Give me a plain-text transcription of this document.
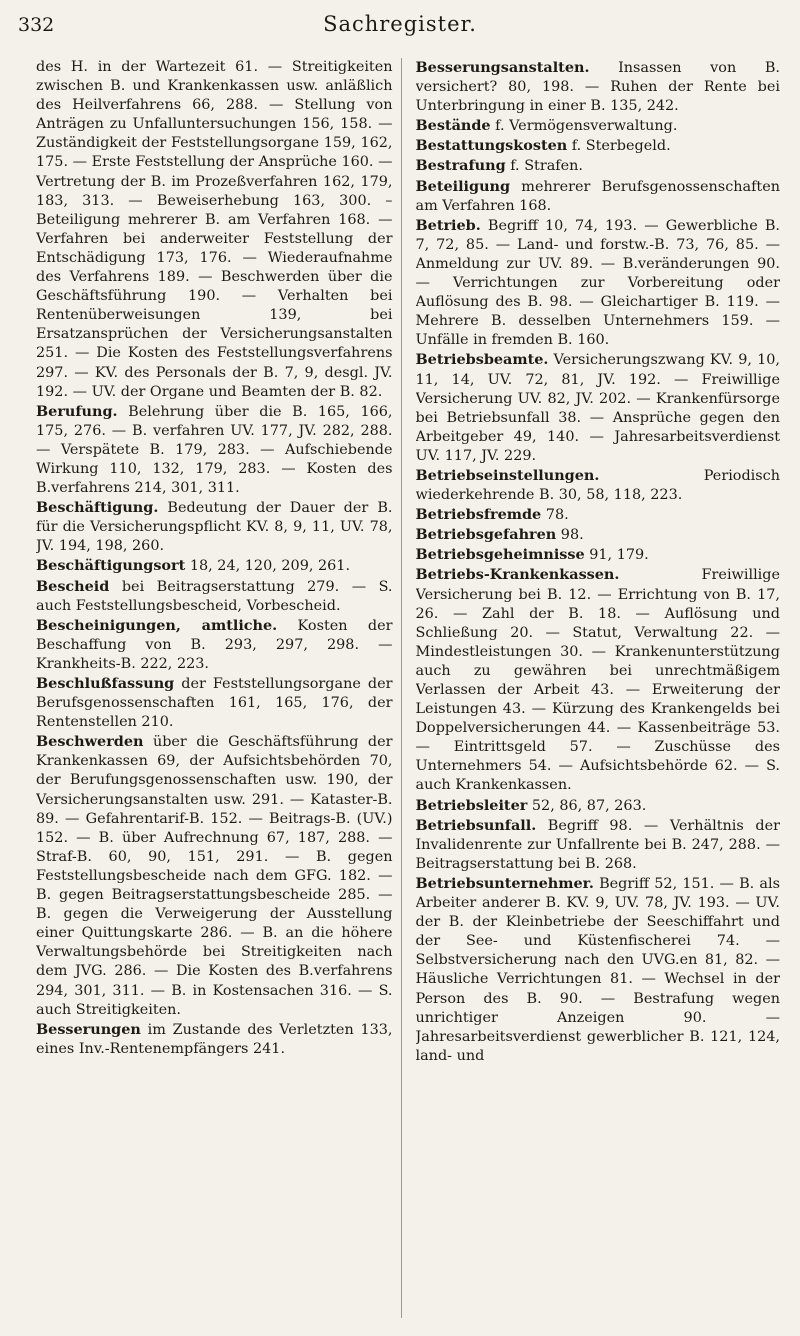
332	Sachregister.

des H. in der Wartezeit 61. — Streitigkeiten zwischen B. und Krankenkassen usw. anläßlich des Heilverfahrens 66, 288. — Stellung von Anträgen zu Unfalluntersuchungen 156, 158. — Zuständigkeit der Feststellungsorgane 159, 162, 175. — Erste Feststellung der Ansprüche 160. — Vertretung der B. im Prozeßverfahren 162, 179, 183, 313. — Beweiserhebung 163, 300. – Beteiligung mehrerer B. am Verfahren 168. — Verfahren bei anderweiter Feststellung der Entschädigung 173, 176. — Wiederaufnahme des Verfahrens 189. — Beschwerden über die Geschäftsführung 190. — Verhalten bei Rentenüberweisungen 139, bei Ersatzansprüchen der Versicherungsanstalten 251. — Die Kosten des Feststellungsverfahrens 297. — KV. des Personals der B. 7, 9, desgl. JV. 192. — UV. der Organe und Beamten der B. 82.

Berufung. Belehrung über die B. 165, 166, 175, 276. — B. verfahren UV. 177, JV. 282, 288. — Verspätete B. 179, 283. — Aufschiebende Wirkung 110, 132, 179, 283. — Kosten des B.verfahrens 214, 301, 311.

Beschäftigung. Bedeutung der Dauer der B. für die Versicherungspflicht KV. 8, 9, 11, UV. 78, JV. 194, 198, 260.

Beschäftigungsort 18, 24, 120, 209, 261.

Bescheid bei Beitragserstattung 279. — S. auch Feststellungsbescheid, Vorbescheid.

Bescheinigungen, amtliche. Kosten der Beschaffung von B. 293, 297, 298. — Krankheits-B. 222, 223.

Beschlußfassung der Feststellungsorgane der Berufsgenossenschaften 161, 165, 176, der Rentenstellen 210.

Beschwerden über die Geschäftsführung der Krankenkassen 69, der Aufsichtsbehörden 70, der Berufungsgenossenschaften usw. 190, der Versicherungsanstalten usw. 291. — Kataster-B. 89. — Gefahrentarif-B. 152. — Beitrags-B. (UV.) 152. — B. über Aufrechnung 67, 187, 288. — Straf-B. 60, 90, 151, 291. — B. gegen Feststellungsbescheide nach dem GFG. 182. — B. gegen Beitragserstattungsbescheide 285. — B. gegen die Verweigerung der Ausstellung einer Quittungskarte 286. — B. an die höhere Verwaltungsbehörde bei Streitigkeiten nach dem JVG. 286. — Die Kosten des B.verfahrens 294, 301, 311. — B. in Kostensachen 316. — S. auch Streitigkeiten.

Besserungen im Zustande des Verletzten 133, eines Inv.-Rentenempfängers 241.

Besserungsanstalten. Insassen von B. versichert? 80, 198. — Ruhen der Rente bei Unterbringung in einer B. 135, 242.

Bestände f. Vermögensverwaltung.

Bestattungskosten f. Sterbegeld.

Bestrafung f. Strafen.

Beteiligung mehrerer Berufsgenossenschaften am Verfahren 168.

Betrieb. Begriff 10, 74, 193. — Gewerbliche B. 7, 72, 85. — Land- und forstw.-B. 73, 76, 85. — Anmeldung zur UV. 89. — B.veränderungen 90. — Verrichtungen zur Vorbereitung oder Auflösung des B. 98. — Gleichartiger B. 119. — Mehrere B. desselben Unternehmers 159. — Unfälle in fremden B. 160.

Betriebsbeamte. Versicherungszwang KV. 9, 10, 11, 14, UV. 72, 81, JV. 192. — Freiwillige Versicherung UV. 82, JV. 202. — Krankenfürsorge bei Betriebsunfall 38. — Ansprüche gegen den Arbeitgeber 49, 140. — Jahresarbeitsverdienst UV. 117, JV. 229.

Betriebseinstellungen. Periodisch wiederkehrende B. 30, 58, 118, 223.

Betriebsfremde 78.

Betriebsgefahren 98.

Betriebsgeheimnisse 91, 179.

Betriebs-Krankenkassen. Freiwillige Versicherung bei B. 12. — Errichtung von B. 17, 26. — Zahl der B. 18. — Auflösung und Schließung 20. — Statut, Verwaltung 22. — Mindestleistungen 30. — Krankenunterstützung auch zu gewähren bei unrechtmäßigem Verlassen der Arbeit 43. — Erweiterung der Leistungen 43. — Kürzung des Krankengelds bei Doppelversicherungen 44. — Kassenbeiträge 53. — Eintrittsgeld 57. — Zuschüsse des Unternehmers 54. — Aufsichtsbehörde 62. — S. auch Krankenkassen.

Betriebsleiter 52, 86, 87, 263.

Betriebsunfall. Begriff 98. — Verhältnis der Invalidenrente zur Unfallrente bei B. 247, 288. — Beitragserstattung bei B. 268.

Betriebsunternehmer. Begriff 52, 151. — B. als Arbeiter anderer B. KV. 9, UV. 78, JV. 193. — UV. der B. der Kleinbetriebe der Seeschiffahrt und der See- und Küstenfischerei 74. — Selbstversicherung nach den UVG.en 81, 82. — Häusliche Verrichtungen 81. — Wechsel in der Person des B. 90. — Bestrafung wegen unrichtiger Anzeigen 90. — Jahresarbeitsverdienst gewerblicher B. 121, 124, land- und
